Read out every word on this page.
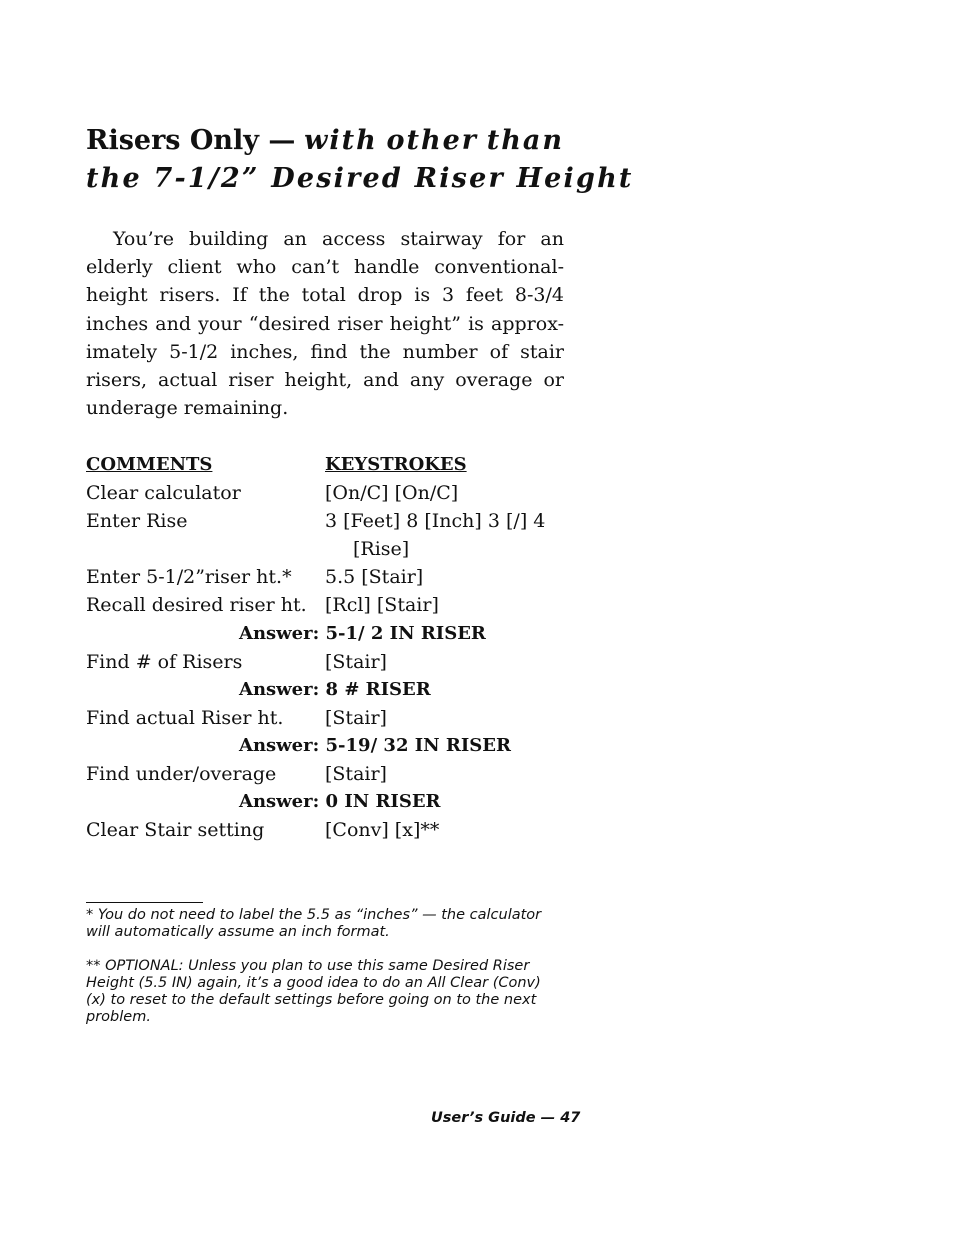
Risers Only — with other than
the 7-1/2” Desired Riser Height

You’re building an access stairway for an elderly client who can’t handle conventional-height risers. If the total drop is 3 feet 8-3/4 inches and your “desired riser height” is approx-imately 5-1/2 inches, find the number of stair risers, actual riser height, and any overage or underage remaining.

COMMENTS	KEYSTROKES
Clear calculator	[On/C] [On/C]
Enter Rise	3 [Feet] 8 [Inch] 3 [/] 4
[Rise]
Enter 5-1/2”riser ht.*	5.5 [Stair]
Recall desired riser ht. [Rcl] [Stair]
Answer: 5-1/ 2 IN RISER
Find # of Risers	[Stair]
Answer: 8 # RISER
Find actual Riser ht.	[Stair]
Answer: 5-19/ 32 IN RISER
Find under/overage	[Stair]
Answer: 0 IN RISER
Clear Stair setting	[Conv] [x]**

* You do not need to label the 5.5 as “inches” — the calculator will automatically assume an inch format.

** OPTIONAL: Unless you plan to use this same Desired Riser Height (5.5 IN) again, it’s a good idea to do an All Clear (Conv) (x) to reset to the default settings before going on to the next problem.

User’s Guide — 47
